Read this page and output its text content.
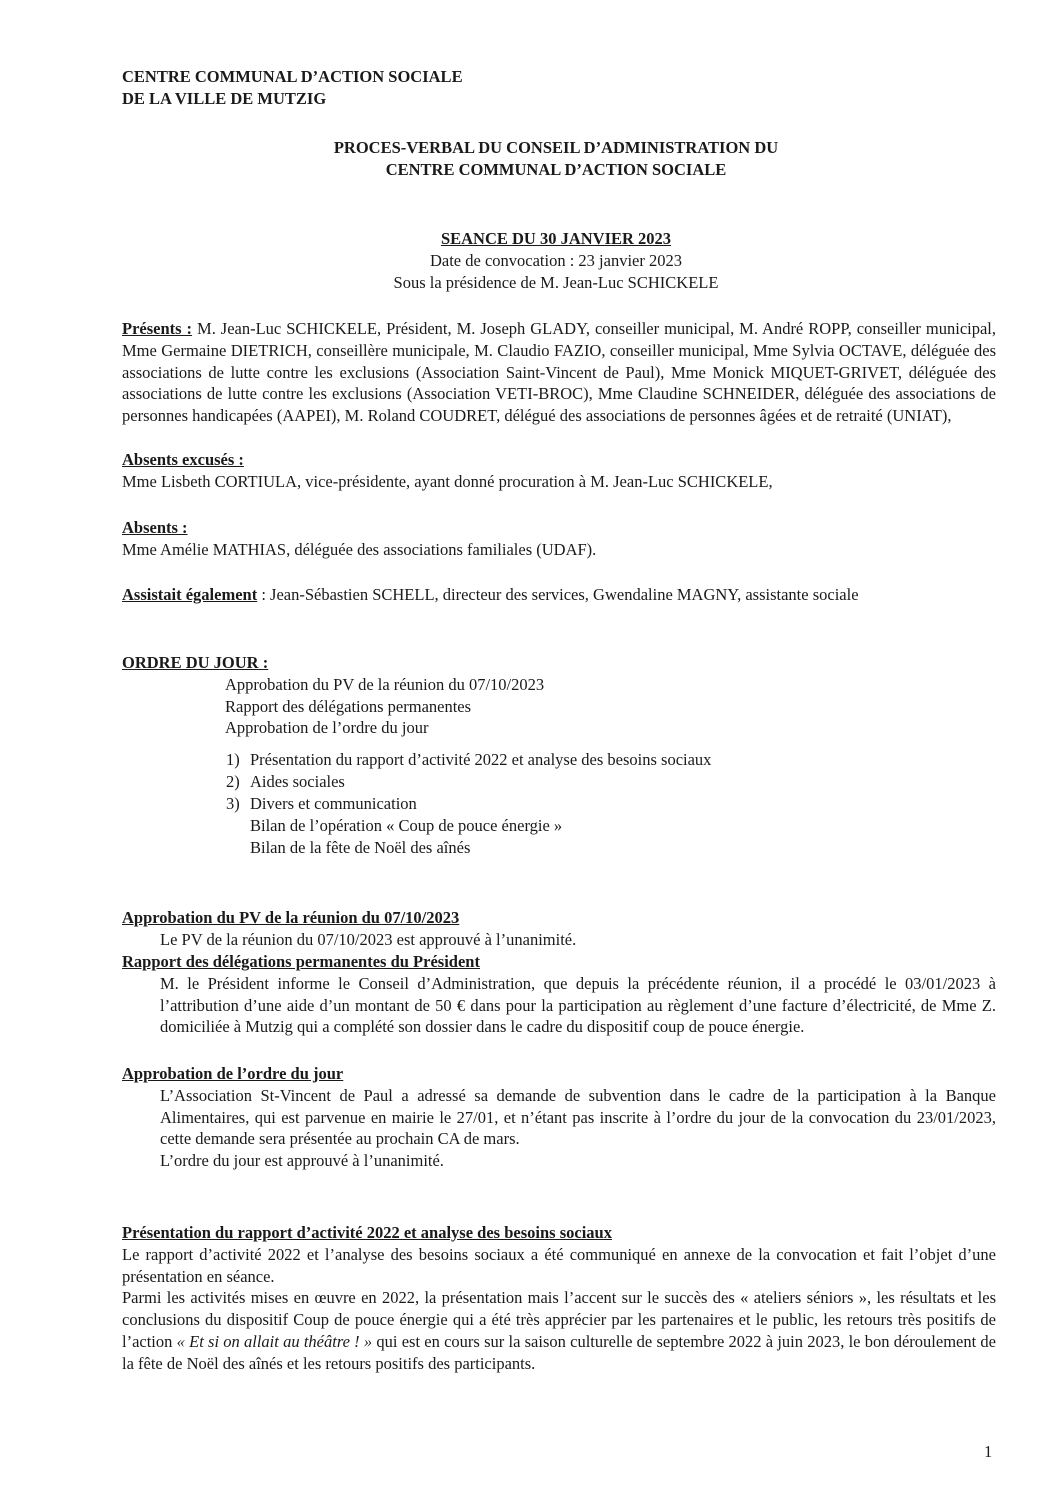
CENTRE COMMUNAL D’ACTION SOCIALE
DE LA VILLE DE MUTZIG
PROCES-VERBAL DU CONSEIL D’ADMINISTRATION DU
CENTRE COMMUNAL D’ACTION SOCIALE
SEANCE DU 30 JANVIER 2023
Date de convocation : 23 janvier 2023
Sous la présidence de M. Jean-Luc SCHICKELE
Présents : M. Jean-Luc SCHICKELE, Président, M. Joseph GLADY, conseiller municipal, M. André ROPP, conseiller municipal, Mme Germaine DIETRICH, conseillère municipale, M. Claudio FAZIO, conseiller municipal, Mme Sylvia OCTAVE, déléguée des associations de lutte contre les exclusions (Association Saint-Vincent de Paul), Mme Monick MIQUET-GRIVET, déléguée des associations de lutte contre les exclusions (Association VETI-BROC), Mme Claudine SCHNEIDER, déléguée des associations de personnes handicapées (AAPEI), M. Roland COUDRET, délégué des associations de personnes âgées et de retraité (UNIAT),
Absents excusés :
Mme Lisbeth CORTIULA, vice-présidente, ayant donné procuration à M. Jean-Luc SCHICKELE,
Absents :
Mme Amélie MATHIAS, déléguée des associations familiales (UDAF).
Assistait également : Jean-Sébastien SCHELL, directeur des services, Gwendaline MAGNY, assistante sociale
ORDRE DU JOUR :
Approbation du PV de la réunion du 07/10/2023
Rapport des délégations permanentes
Approbation de l’ordre du jour
1) Présentation du rapport d’activité 2022 et analyse des besoins sociaux
2) Aides sociales
3) Divers et communication
Bilan de l’opération « Coup de pouce énergie »
Bilan de la fête de Noël des aînés
Approbation du PV de la réunion du 07/10/2023
Le PV de la réunion du 07/10/2023 est approuvé à l’unanimité.
Rapport des délégations permanentes du Président
M. le Président informe le Conseil d’Administration, que depuis la précédente réunion, il a procédé le 03/01/2023 à l’attribution d’une aide d’un montant de 50 € dans pour la participation au règlement d’une facture d’électricité, de Mme Z. domiciliée à Mutzig qui a complété son dossier dans le cadre du dispositif coup de pouce énergie.
Approbation de l’ordre du jour
L’Association St-Vincent de Paul a adressé sa demande de subvention dans le cadre de la participation à la Banque Alimentaires, qui est parvenue en mairie le 27/01, et n’étant pas inscrite à l’ordre du jour de la convocation du 23/01/2023, cette demande sera présentée au prochain CA de mars.
L’ordre du jour est approuvé à l’unanimité.
Présentation du rapport d’activité 2022 et analyse des besoins sociaux
Le rapport d’activité 2022 et l’analyse des besoins sociaux a été communiqué en annexe de la convocation et fait l’objet d’une présentation en séance.
Parmi les activités mises en œuvre en 2022, la présentation mais l’accent sur le succès des « ateliers séniors », les résultats et les conclusions du dispositif Coup de pouce énergie qui a été très apprécier par les partenaires et le public, les retours très positifs de l’action « Et si on allait au théâtre ! » qui est en cours sur la saison culturelle de septembre 2022 à juin 2023, le bon déroulement de la fête de Noël des aînés et les retours positifs des participants.
1
